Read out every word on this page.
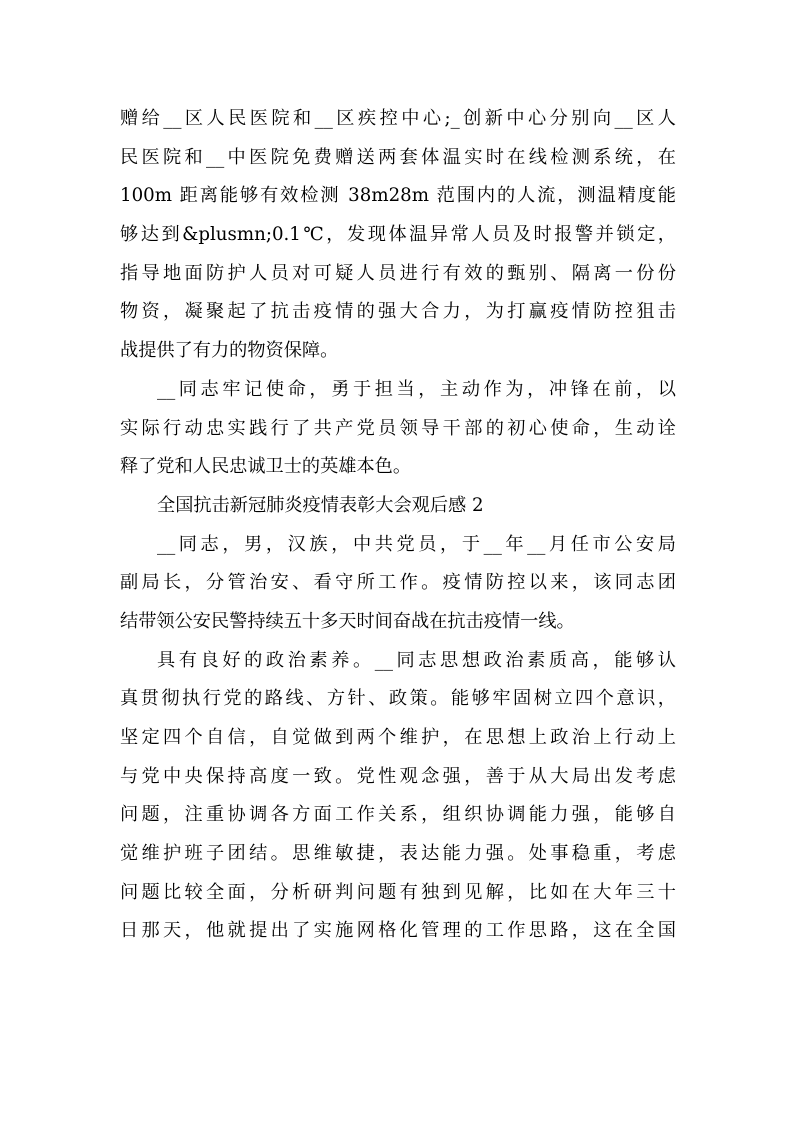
赠给__区人民医院和__区疾控中心;_创新中心分别向__区人
民医院和__中医院免费赠送两套体温实时在线检测系统，在
100m 距离能够有效检测 38m28m 范围内的人流，测温精度能
够达到&plusmn;0.1℃，发现体温异常人员及时报警并锁定，
指导地面防护人员对可疑人员进行有效的甄别、隔离一份份
物资，凝聚起了抗击疫情的强大合力，为打赢疫情防控狙击
战提供了有力的物资保障。
__同志牢记使命，勇于担当，主动作为，冲锋在前，以
实际行动忠实践行了共产党员领导干部的初心使命，生动诠
释了党和人民忠诚卫士的英雄本色。
全国抗击新冠肺炎疫情表彰大会观后感 2
__同志，男，汉族，中共党员，于__年__月任市公安局
副局长，分管治安、看守所工作。疫情防控以来，该同志团
结带领公安民警持续五十多天时间奋战在抗击疫情一线。
具有良好的政治素养。__同志思想政治素质高，能够认
真贯彻执行党的路线、方针、政策。能够牢固树立四个意识，
坚定四个自信，自觉做到两个维护，在思想上政治上行动上
与党中央保持高度一致。党性观念强，善于从大局出发考虑
问题，注重协调各方面工作关系，组织协调能力强，能够自
觉维护班子团结。思维敏捷，表达能力强。处事稳重，考虑
问题比较全面，分析研判问题有独到见解，比如在大年三十
日那天，他就提出了实施网格化管理的工作思路，这在全国
